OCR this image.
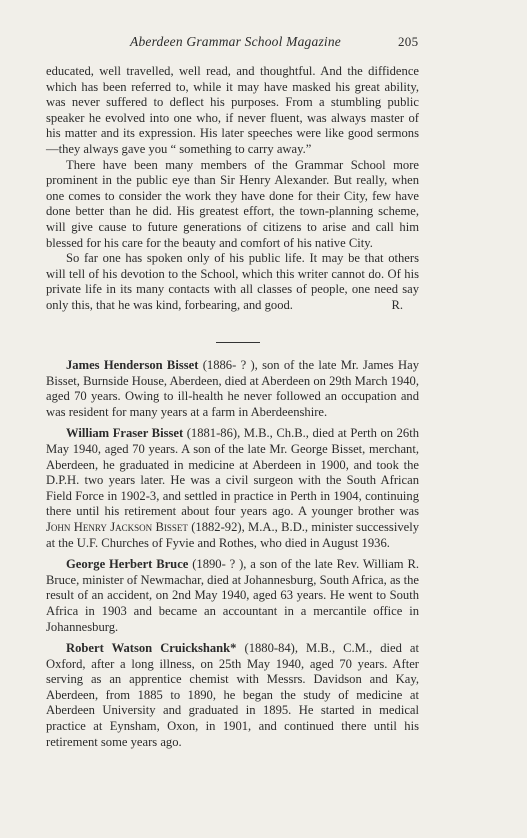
Aberdeen Grammar School Magazine	205

educated, well travelled, well read, and thoughtful. And the diffidence which has been referred to, while it may have masked his great ability, was never suffered to deflect his purposes. From a stumbling public speaker he evolved into one who, if never fluent, was always master of his matter and its expression. His later speeches were like good sermons—they always gave you “ something to carry away.”

There have been many members of the Grammar School more prominent in the public eye than Sir Henry Alexander. But really, when one comes to consider the work they have done for their City, few have done better than he did. His greatest effort, the town-planning scheme, will give cause to future generations of citizens to arise and call him blessed for his care for the beauty and comfort of his native City.

So far one has spoken only of his public life. It may be that others will tell of his devotion to the School, which this writer cannot do. Of his private life in its many contacts with all classes of people, one need say only this, that he was kind, forbearing, and good.	R.

James Henderson Bisset (1886- ? ), son of the late Mr. James Hay Bisset, Burnside House, Aberdeen, died at Aberdeen on 29th March 1940, aged 70 years. Owing to ill-health he never followed an occupation and was resident for many years at a farm in Aberdeenshire.

William Fraser Bisset (1881-86), M.B., Ch.B., died at Perth on 26th May 1940, aged 70 years. A son of the late Mr. George Bisset, merchant, Aberdeen, he graduated in medicine at Aberdeen in 1900, and took the D.P.H. two years later. He was a civil surgeon with the South African Field Force in 1902-3, and settled in practice in Perth in 1904, continuing there until his retirement about four years ago. A younger brother was John Henry Jackson Bisset (1882-92), M.A., B.D., minister successively at the U.F. Churches of Fyvie and Rothes, who died in August 1936.

George Herbert Bruce (1890- ? ), a son of the late Rev. William R. Bruce, minister of Newmachar, died at Johannesburg, South Africa, as the result of an accident, on 2nd May 1940, aged 63 years. He went to South Africa in 1903 and became an accountant in a mercantile office in Johannesburg.

Robert Watson Cruickshank* (1880-84), M.B., C.M., died at Oxford, after a long illness, on 25th May 1940, aged 70 years. After serving as an apprentice chemist with Messrs. Davidson and Kay, Aberdeen, from 1885 to 1890, he began the study of medicine at Aberdeen University and graduated in 1895. He started in medical practice at Eynsham, Oxon, in 1901, and continued there until his retirement some years ago.
